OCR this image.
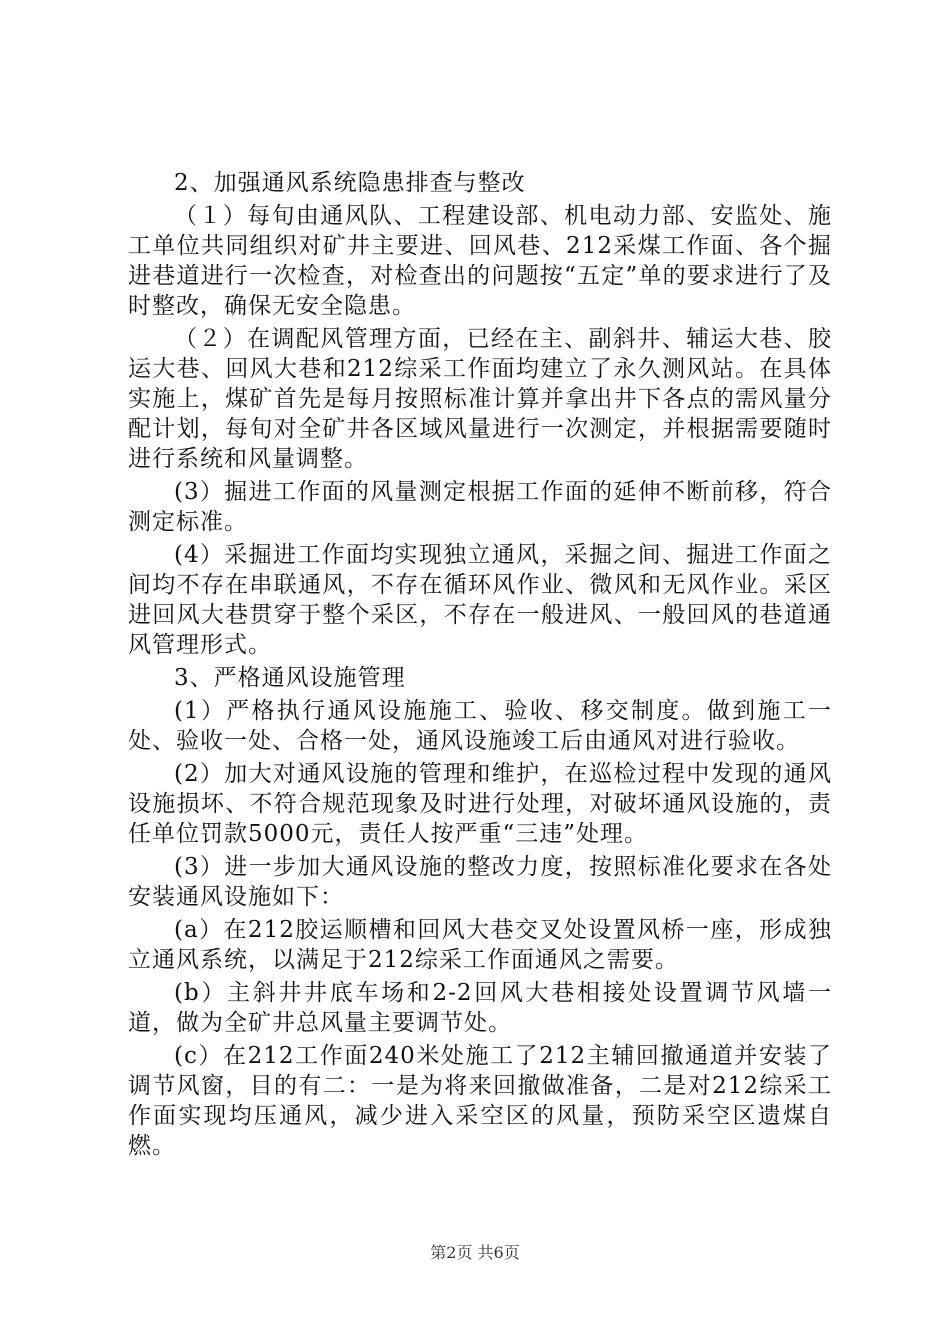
2、加强通风系统隐患排查与整改

（１）每旬由通风队、工程建设部、机电动力部、安监处、施工单位共同组织对矿井主要进、回风巷、212采煤工作面、各个掘进巷道进行一次检查，对检查出的问题按“五定”单的要求进行了及时整改，确保无安全隐患。

（２）在调配风管理方面，已经在主、副斜井、辅运大巷、胶运大巷、回风大巷和212综采工作面均建立了永久测风站。在具体实施上，煤矿首先是每月按照标准计算并拿出井下各点的需风量分配计划，每旬对全矿井各区域风量进行一次测定，并根据需要随时进行系统和风量调整。

(3）掘进工作面的风量测定根据工作面的延伸不断前移，符合测定标准。

(4）采掘进工作面均实现独立通风，采掘之间、掘进工作面之间均不存在串联通风，不存在循环风作业、微风和无风作业。采区进回风大巷贯穿于整个采区，不存在一般进风、一般回风的巷道通风管理形式。

3、严格通风设施管理

(1）严格执行通风设施施工、验收、移交制度。做到施工一处、验收一处、合格一处，通风设施竣工后由通风对进行验收。

(2）加大对通风设施的管理和维护，在巡检过程中发现的通风设施损坏、不符合规范现象及时进行处理，对破坏通风设施的，责任单位罚款5000元，责任人按严重“三违”处理。

(3）进一步加大通风设施的整改力度，按照标准化要求在各处安装通风设施如下：

(a）在212胶运顺槽和回风大巷交叉处设置风桥一座，形成独立通风系统，以满足于212综采工作面通风之需要。

(b）主斜井井底车场和2-2回风大巷相接处设置调节风墙一道，做为全矿井总风量主要调节处。

(c）在212工作面240米处施工了212主辅回撤通道并安装了调节风窗，目的有二：一是为将来回撤做准备，二是对212综采工作面实现均压通风，减少进入采空区的风量，预防采空区遗煤自燃。

第2页 共6页
